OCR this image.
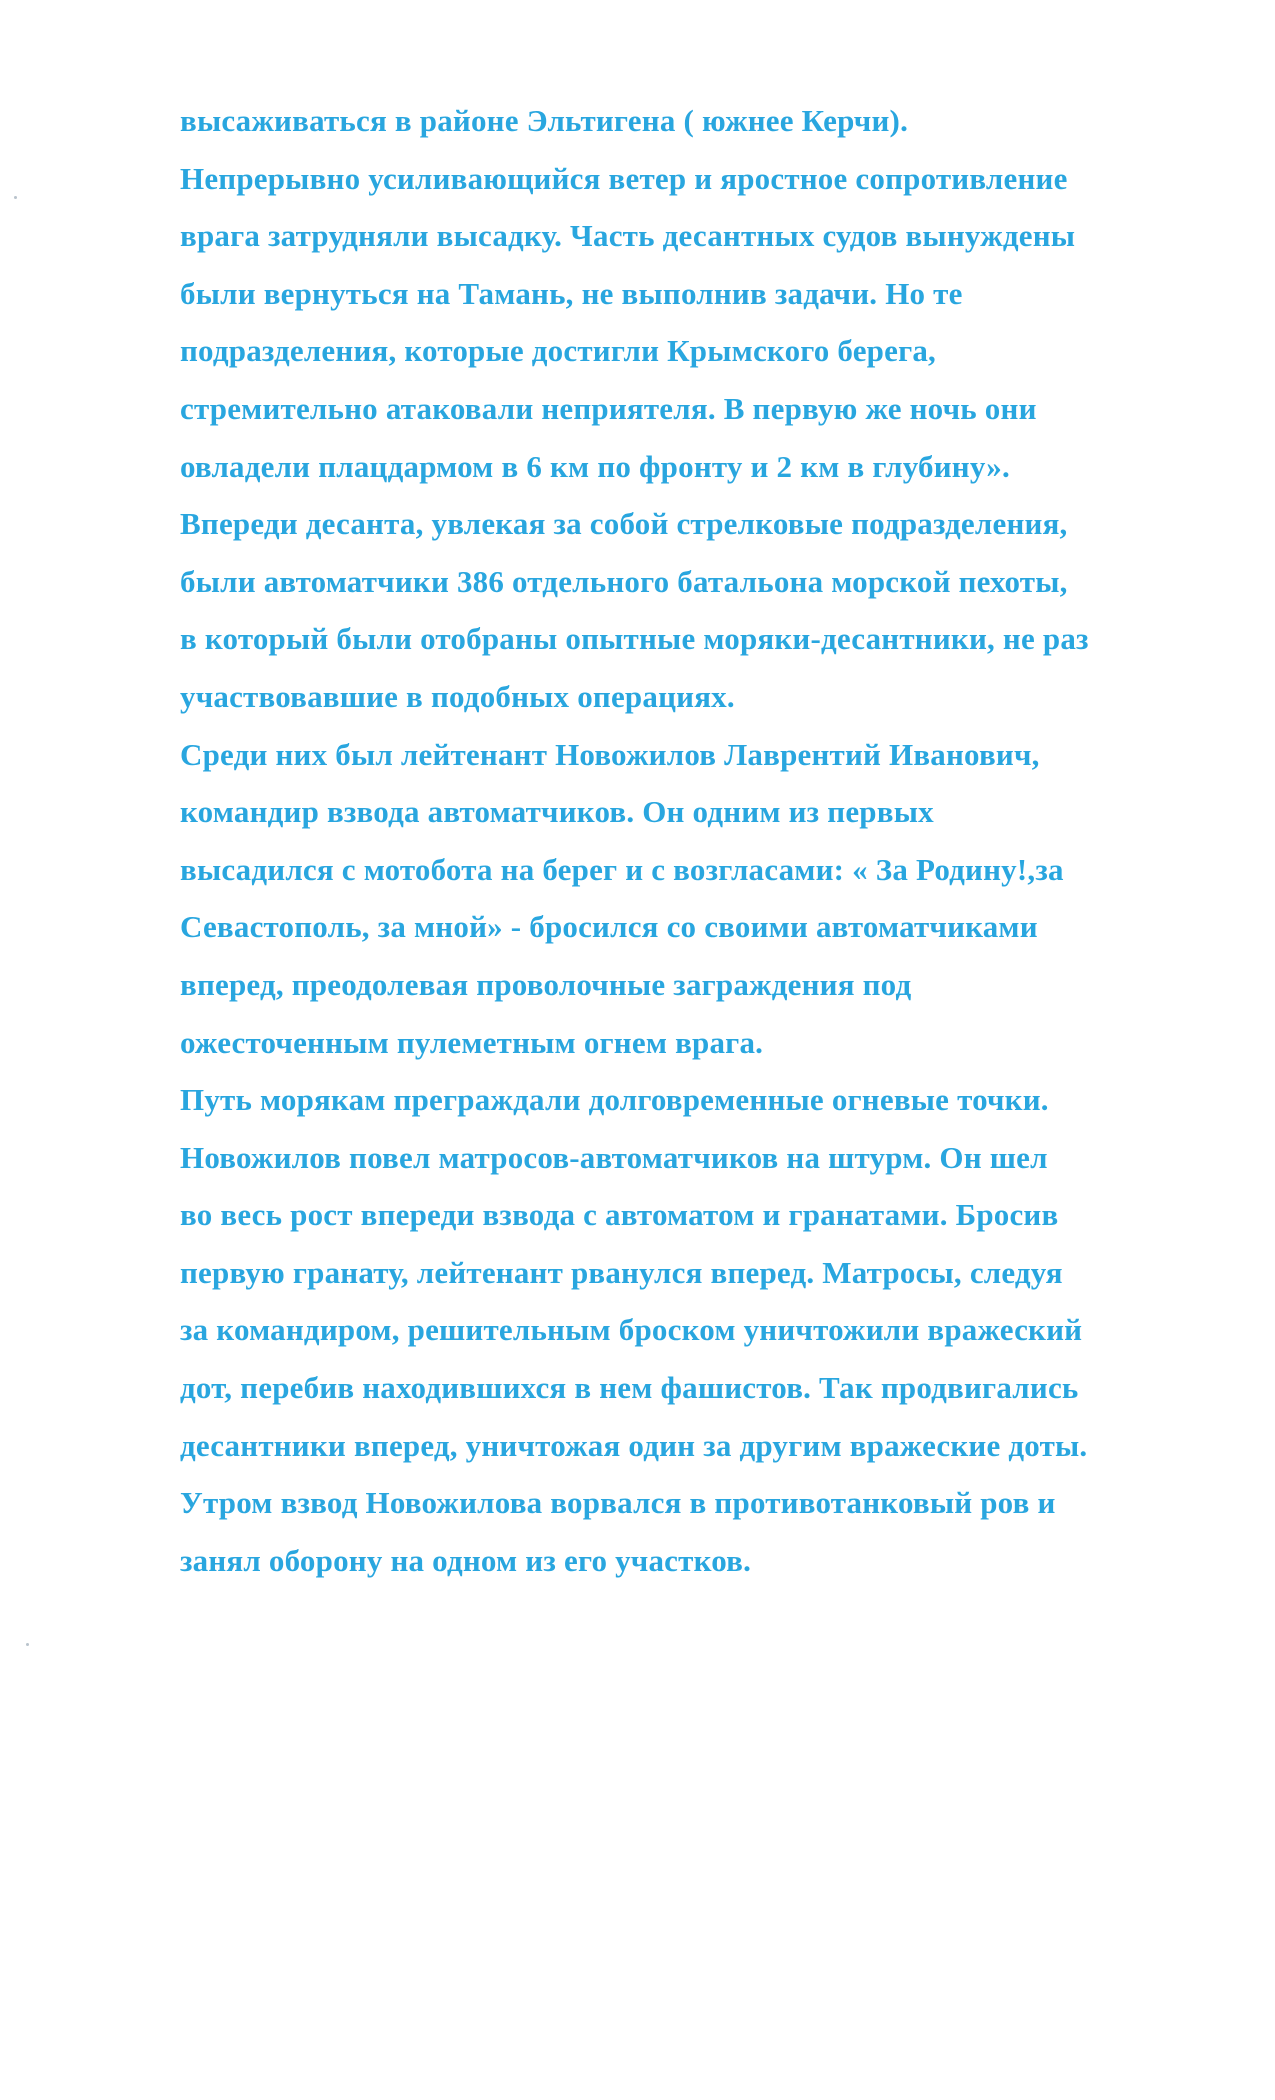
высаживаться в районе Эльтигена ( южнее Керчи).
Непрерывно усиливающийся ветер и яростное сопротивление
врага затрудняли высадку. Часть десантных судов вынуждены
были вернуться на Тамань, не выполнив задачи. Но те
подразделения, которые достигли Крымского берега,
стремительно атаковали неприятеля. В первую же ночь они
овладели плацдармом в 6 км по фронту и 2 км в глубину».
Впереди десанта, увлекая за собой стрелковые подразделения,
были автоматчики 386 отдельного батальона морской пехоты,
в который были отобраны опытные моряки-десантники, не раз
участвовавшие в подобных операциях.
Среди них был лейтенант Новожилов Лаврентий Иванович,
командир взвода автоматчиков. Он одним из первых
высадился с мотобота на берег и с возгласами: « За Родину!,за
Севастополь, за мной» - бросился со своими автоматчиками
вперед, преодолевая проволочные заграждения под
ожесточенным пулеметным огнем врага.
Путь морякам преграждали долговременные огневые точки.
Новожилов повел матросов-автоматчиков на штурм. Он шел
во весь рост впереди взвода с автоматом и гранатами. Бросив
первую гранату, лейтенант рванулся вперед. Матросы, следуя
за командиром, решительным броском уничтожили вражеский
дот, перебив находившихся в нем фашистов. Так продвигались
десантники вперед, уничтожая один за другим вражеские доты.
Утром взвод Новожилова ворвался в противотанковый ров и
занял оборону на одном из его участков.
